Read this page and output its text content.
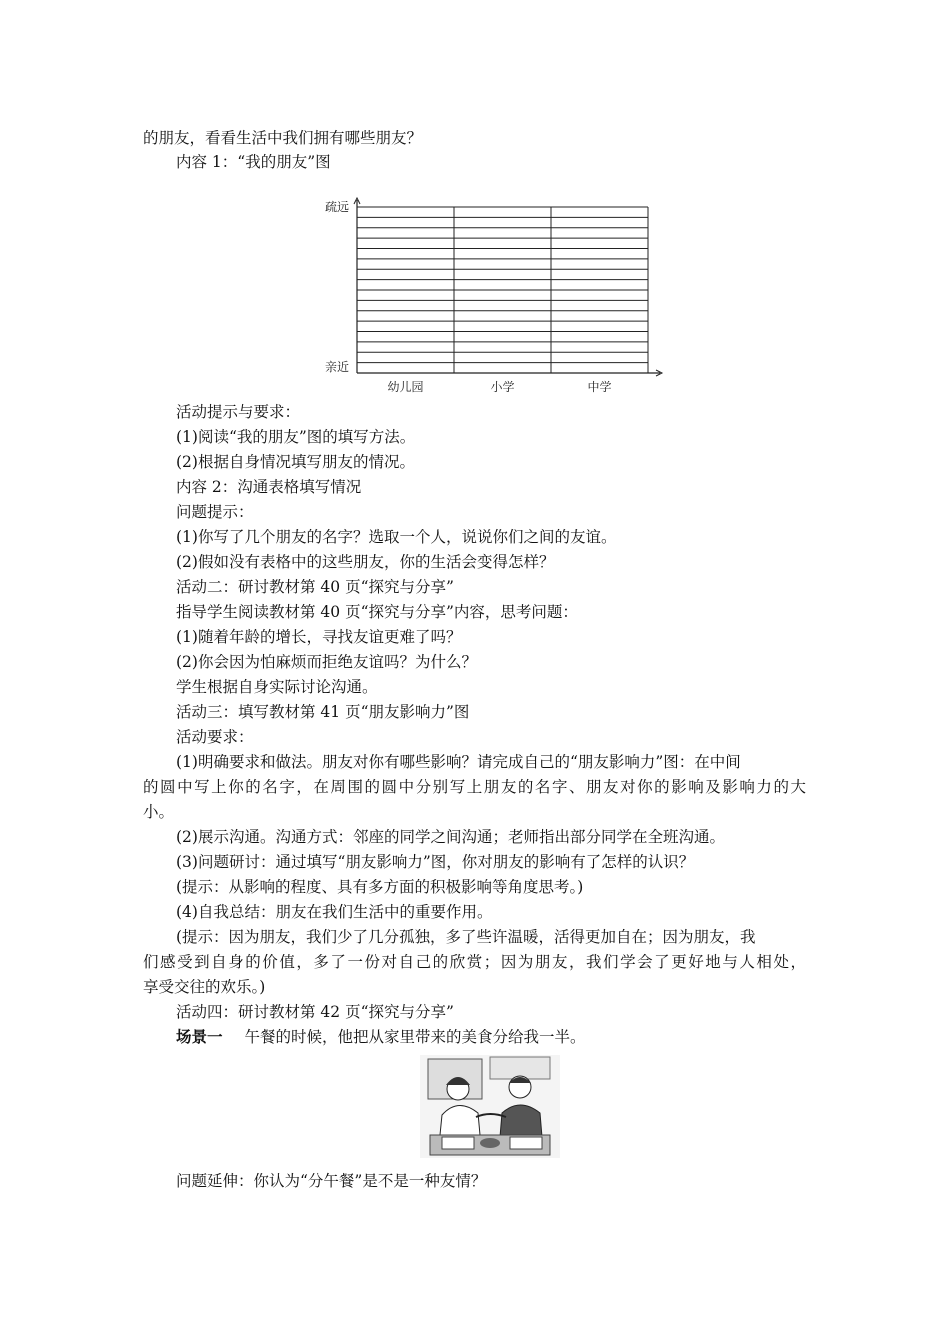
的朋友，看看生活中我们拥有哪些朋友？
内容 1：“我的朋友”图
疏远
亲近
幼儿园	小学	中学
活动提示与要求：
(1)阅读“我的朋友”图的填写方法。
(2)根据自身情况填写朋友的情况。
内容 2：沟通表格填写情况
问题提示：
(1)你写了几个朋友的名字？选取一个人，说说你们之间的友谊。
(2)假如没有表格中的这些朋友，你的生活会变得怎样？
活动二：研讨教材第 40 页“探究与分享”
指导学生阅读教材第 40 页“探究与分享”内容，思考问题：
(1)随着年龄的增长，寻找友谊更难了吗？
(2)你会因为怕麻烦而拒绝友谊吗？为什么？
学生根据自身实际讨论沟通。
活动三：填写教材第 41 页“朋友影响力”图
活动要求：
(1)明确要求和做法。朋友对你有哪些影响？请完成自己的“朋友影响力”图：在中间
的圆中写上你的名字，在周围的圆中分别写上朋友的名字、朋友对你的影响及影响力的大
小。
(2)展示沟通。沟通方式：邻座的同学之间沟通；老师指出部分同学在全班沟通。
(3)问题研讨：通过填写“朋友影响力”图，你对朋友的影响有了怎样的认识？
(提示：从影响的程度、具有多方面的积极影响等角度思考。)
(4)自我总结：朋友在我们生活中的重要作用。
(提示：因为朋友，我们少了几分孤独，多了些许温暖，活得更加自在；因为朋友，我
们感受到自身的价值，多了一份对自己的欣赏；因为朋友，我们学会了更好地与人相处，
享受交往的欢乐。)
活动四：研讨教材第 42 页“探究与分享”
场景一 午餐的时候，他把从家里带来的美食分给我一半。
问题延伸：你认为“分午餐”是不是一种友情？
